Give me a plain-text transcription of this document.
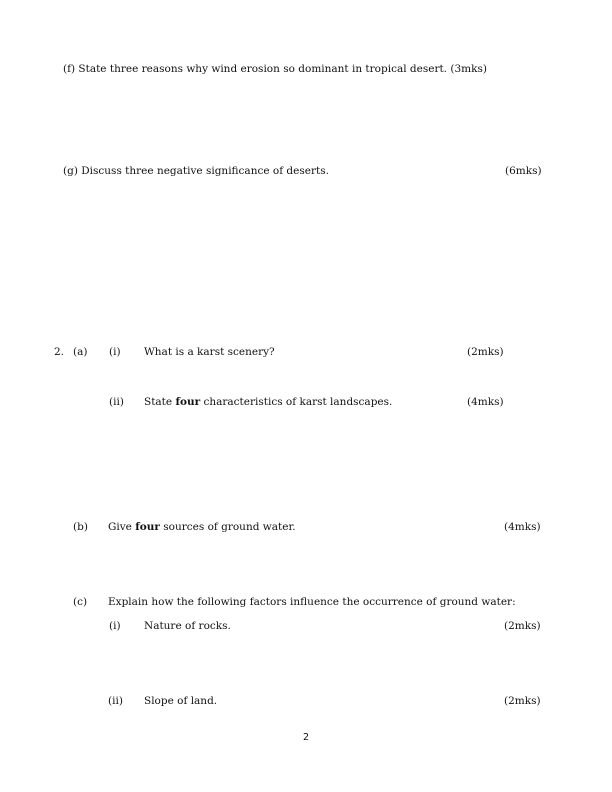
(f) State three reasons why wind erosion so dominant in tropical desert. (3mks)
(g) Discuss three negative significance of deserts.	(6mks)
2. (a) (i) What is a karst scenery?	(2mks)
(ii) State four characteristics of karst landscapes.	(4mks)
(b) Give four sources of ground water.	(4mks)
(c) Explain how the following factors influence the occurrence of ground water:
(i) Nature of rocks.	(2mks)
(ii) Slope of land.	(2mks)
2
